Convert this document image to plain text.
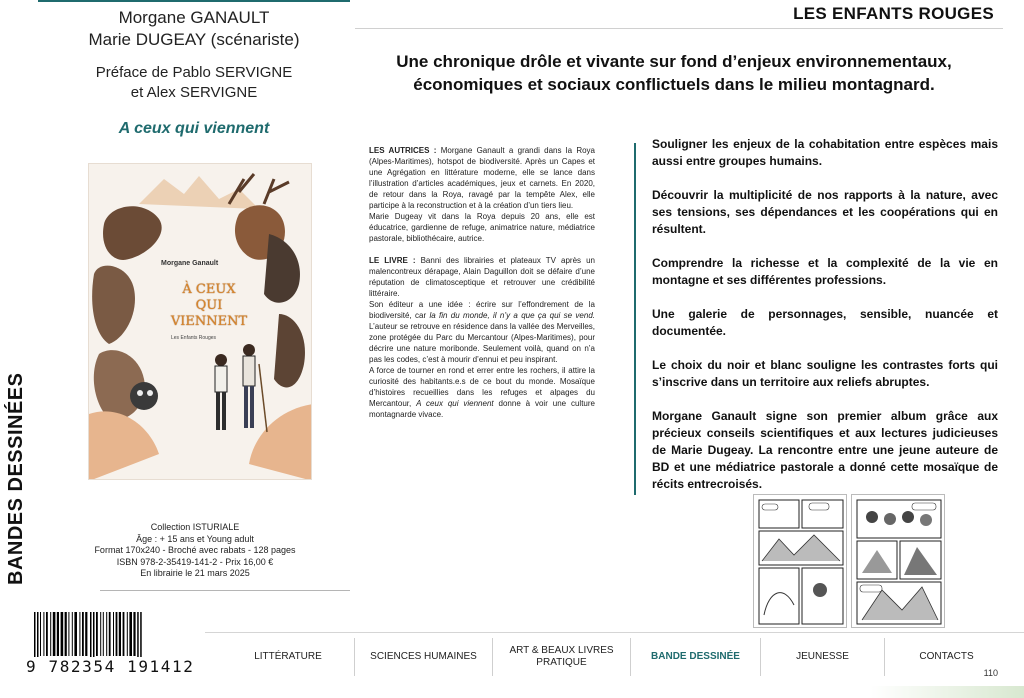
Morgane GANAULT
Marie DUGEAY (scénariste)
Préface de Pablo SERVIGNE
et Alex SERVIGNE
A ceux qui viennent
Morgane Ganault
À CEUX
QUI
VIENNENT
Les Enfants Rouges
Collection ISTURIALE
Âge : + 15 ans et Young adult
Format 170x240 - Broché avec rabats - 128 pages
ISBN 978-2-35419-141-2 - Prix 16,00 €
En librairie le 21 mars 2025
9 782354 191412
BANDES DESSINÉES
LES ENFANTS ROUGES
Une chronique drôle et vivante sur fond d’enjeux environnementaux, économiques et sociaux conflictuels dans le milieu montagnard.

LES AUTRICES : Morgane Ganault a grandi dans la Roya (Alpes-Maritimes), hotspot de biodiversité. Après un Capes et une Agrégation en littérature moderne, elle se lance dans l’illustration d’articles académiques, jeux et carnets. En 2020, de retour dans la Roya, ravagé par la tempête Alex, elle participe à la reconstruction et à la création d’un tiers lieu.

Marie Dugeay vit dans la Roya depuis 20 ans, elle est éducatrice, gardienne de refuge, animatrice nature, médiatrice pastorale, bibliothécaire, autrice.

LE LIVRE : Banni des librairies et plateaux TV après un malencontreux dérapage, Alain Daguillon doit se défaire d’une réputation de climatosceptique et retrouver une crédibilité littéraire.

Son éditeur a une idée : écrire sur l’effondrement de la biodiversité, car la fin du monde, il n’y a que ça qui se vend. L’auteur se retrouve en résidence dans la vallée des Merveilles, zone protégée du Parc du Mercantour (Alpes-Maritimes), pour décrire une nature moribonde. Seulement voilà, quand on n’a pas les codes, c’est à mourir d’ennui et peu inspirant.

A force de tourner en rond et errer entre les rochers, il attire la curiosité des habitants.e.s de ce bout du monde. Mosaïque d’histoires recueillies dans les refuges et alpages du Mercantour, A ceux qui viennent donne à voir une culture montagnarde vivace.

Souligner les enjeux de la cohabitation entre espèces mais aussi entre groupes humains.

Découvrir la multiplicité de nos rapports à la nature, avec ses tensions, ses dépendances et les coopérations qui en résultent.

Comprendre la richesse et la complexité de la vie en montagne et ses différentes professions.

Une galerie de personnages, sensible, nuancée et documentée.

Le choix du noir et blanc souligne les contrastes forts qui s’inscrive dans un territoire aux reliefs abruptes.

Morgane Ganault signe son premier album grâce aux précieux conseils scientifiques et aux lectures judicieuses de Marie Dugeay. La rencontre entre une jeune auteure de BD et une médiatrice pastorale a donné cette mosaïque de récits entrecroisés.

LITTÉRATURE	SCIENCES HUMAINES
ART & BEAUX LIVRES PRATIQUE
BANDE DESSINÉE	JEUNESSE	CONTACTS
110
